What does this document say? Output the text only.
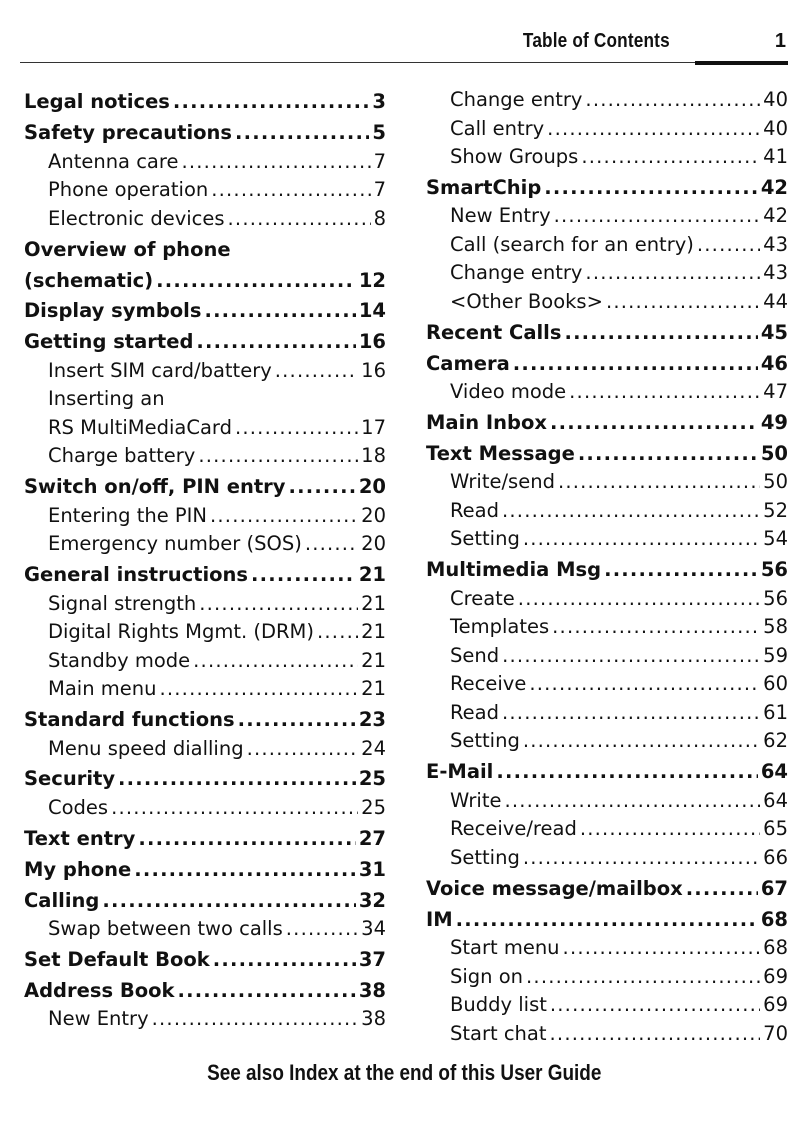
Table of Contents	1
Legal notices .....	3
Safety precautions .....	5
Antenna care .....	7
Phone operation .....	7
Electronic devices .....	8
Overview of phone
(schematic) .....	12
Display symbols .....	14
Getting started .....	16
Insert SIM card/battery .....	16
Inserting an
RS MultiMediaCard .....	17
Charge battery .....	18
Switch on/off, PIN entry .....	20
Entering the PIN .....	20
Emergency number (SOS) .....	20
General instructions .....	21
Signal strength .....	21
Digital Rights Mgmt. (DRM) ..... 21
Standby mode .....	21
Main menu .....	21
Standard functions .....	23
Menu speed dialling .....	24
Security .....	25
Codes .....	25
Text entry .....	27
My phone .....	31
Calling .....	32
Swap between two calls .....	34
Set Default Book .....	37
Address Book .....	38
New Entry .....	38
Change entry .....	40
Call entry .....	40
Show Groups .....	41
SmartChip .....	42
New Entry .....	42
Call (search for an entry) .....	43
Change entry .....	43
<Other Books> .....	44
Recent Calls .....	45
Camera .....	46
Video mode .....	47
Main Inbox .....	49
Text Message .....	50
Write/send .....	50
Read .....	52
Setting .....	54
Multimedia Msg .....	56
Create .....	56
Templates .....	58
Send .....	59
Receive .....	60
Read .....	61
Setting .....	62
E-Mail .....	64
Write .....	64
Receive/read .....	65
Setting .....	66
Voice message/mailbox .....	67
IM .....	68
Start menu .....	68
Sign on .....	69
Buddy list .....	69
Start chat .....	70
See also Index at the end of this User Guide
